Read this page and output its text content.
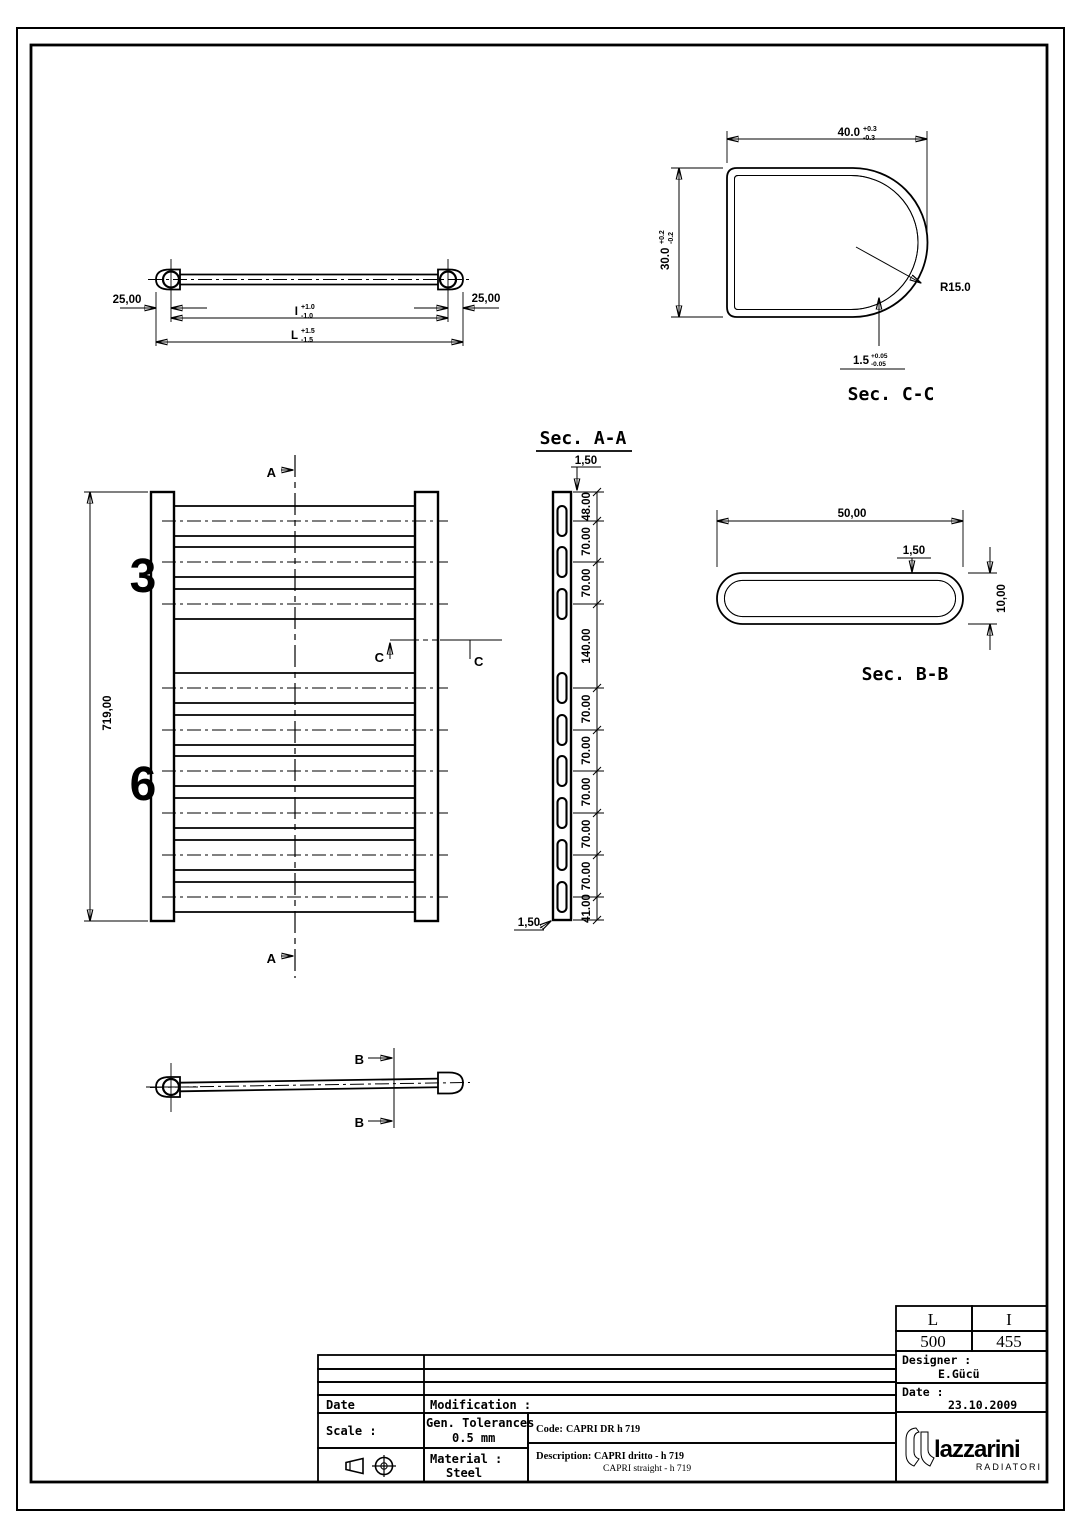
25,00	25,00
I +1.0
-1.0
L +1.5
-1.5
40.0 +0.3
-0.3
30.0
+0.2 -0.2
R15.0
1.5 +0.05
-0.05
Sec. C-C
3
6
719,00
A
A
C	C
Sec. A-A
48.00
70.00
70.00
140.00
70.00
70.00
70.00
70.00
70.00
41.00
1,50
1,50
50,00
1,50
10,00
Sec. B-B
B
B
L	I
500	455
Designer :
E.Gücü
Date :
23.10.2009
Date	Modification :
Scale :
Gen. Tolerances
0.5 mm
Material :
Steel
Code: CAPRI DR h 719
Description: CAPRI dritto - h 719
CAPRI straight - h 719
lazzarini
RADIATORI
